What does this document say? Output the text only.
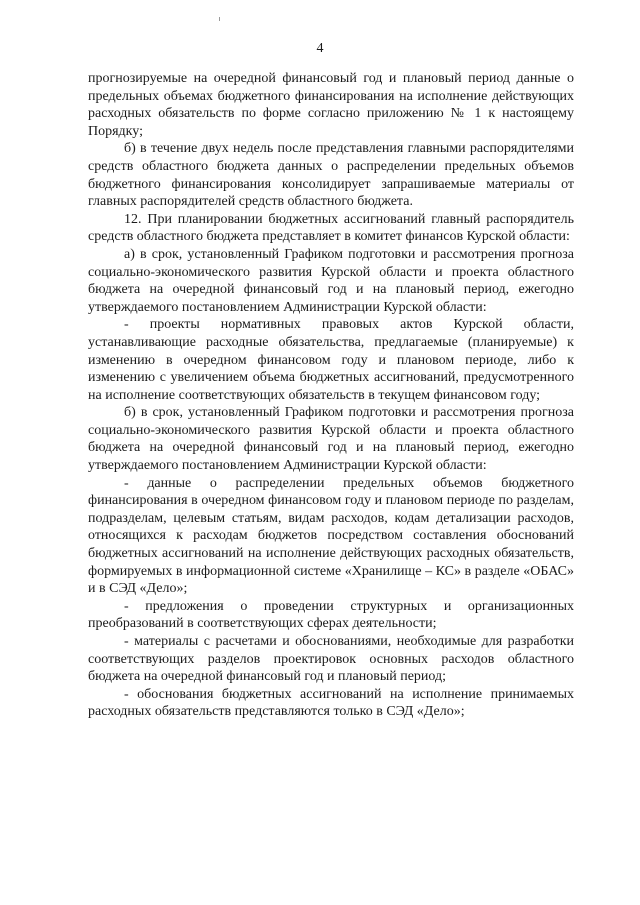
4

прогнозируемые на очередной финансовый год и плановый период данные о предельных объемах бюджетного финансирования на исполнение действующих расходных обязательств по форме согласно приложению № 1 к настоящему Порядку;

б) в течение двух недель после представления главными распорядителями средств областного бюджета данных о распределении предельных объемов бюджетного финансирования консолидирует запрашиваемые материалы от главных распорядителей средств областного бюджета.

12. При планировании бюджетных ассигнований главный распорядитель средств областного бюджета представляет в комитет финансов Курской области:

а) в срок, установленный Графиком подготовки и рассмотрения прогноза социально-экономического развития Курской области и проекта областного бюджета на очередной финансовый год и на плановый период, ежегодно утверждаемого постановлением Администрации Курской области:

- проекты нормативных правовых актов Курской области, устанавливающие расходные обязательства, предлагаемые (планируемые) к изменению в очередном финансовом году и плановом периоде, либо к изменению с увеличением объема бюджетных ассигнований, предусмотренного на исполнение соответствующих обязательств в текущем финансовом году;

б) в срок, установленный Графиком подготовки и рассмотрения прогноза социально-экономического развития Курской области и проекта областного бюджета на очередной финансовый год и на плановый период, ежегодно утверждаемого постановлением Администрации Курской области:

- данные о распределении предельных объемов бюджетного финансирования в очередном финансовом году и плановом периоде по разделам, подразделам, целевым статьям, видам расходов, кодам детализации расходов, относящихся к расходам бюджетов посредством составления обоснований бюджетных ассигнований на исполнение действующих расходных обязательств, формируемых в информационной системе «Хранилище – КС» в разделе «ОБАС» и в СЭД «Дело»;

- предложения о проведении структурных и организационных преобразований в соответствующих сферах деятельности;

- материалы с расчетами и обоснованиями, необходимые для разработки соответствующих разделов проектировок основных расходов областного бюджета на очередной финансовый год и плановый период;

- обоснования бюджетных ассигнований на исполнение принимаемых расходных обязательств представляются только в СЭД «Дело»;
